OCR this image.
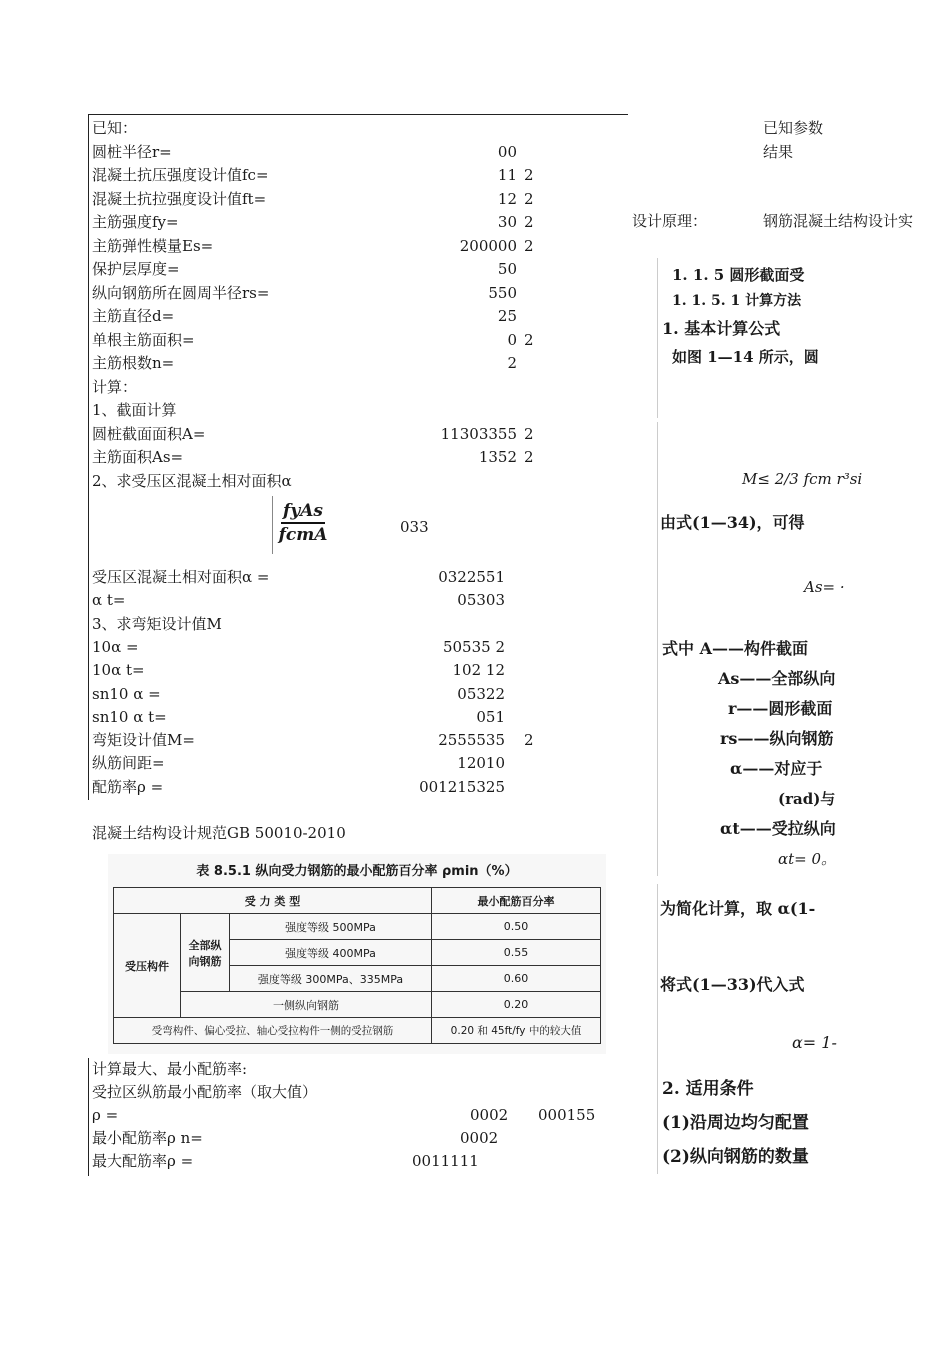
已知：
圆桩半径r=	00
混凝土抗压强度设计值fc=	11 2
混凝土抗拉强度设计值ft=	12 2
主筋强度fy=	30 2
主筋弹性模量Es=	200000 2
保护层厚度=	50
纵向钢筋所在圆周半径rs=	550
主筋直径d=	25
单根主筋面积=	0 2
主筋根数n=	2
计算：
1、截面计算
圆桩截面面积A=	11303355 2
主筋面积As=	1352 2
2、求受压区混凝土相对面积α
fyAs
fcmA	033
受压区混凝土相对面积α =	0322551
α t=	05303
3、求弯矩设计值M
10α =	50535 2
10α t=	102 12
sn10 α =	05322
sn10 α t=	051
弯矩设计值M=	2555535 2
纵筋间距=	12010
配筋率ρ =	001215325
混凝土结构设计规范GB 50010-2010
表 8.5.1 纵向受力钢筋的最小配筋百分率 ρmin（%）
受 力 类 型			最小配筋百分率
受压构件	全部纵向钢筋	强度等级 500MPa	0.50
		强度等级 400MPa	0.55
		强度等级 300MPa、335MPa	0.60
	一侧纵向钢筋		0.20
受弯构件、偏心受拉、轴心受拉构件一侧的受拉钢筋			0.20 和 45ft/fy 中的较大值
计算最大、最小配筋率:
受拉区纵筋最小配筋率（取大值）
ρ =	0002 000155
最小配筋率ρ n=	0002
最大配筋率ρ =	0011111
已知参数
结果
设计原理：	钢筋混凝土结构设计实
1. 1. 5 圆形截面受
1. 1. 5. 1 计算方法
1. 基本计算公式
如图 1—14 所示，圆
M≤ 2/3 fcm r³si
由式(1—34)，可得
As= ·
式中 A——构件截面
As——全部纵向
r——圆形截面
rs——纵向钢筋
α——对应于
(rad)与
αt——受拉纵向
αt= 0。
为简化计算，取 α(1-
将式(1—33)代入式
α= 1-
2. 适用条件
(1)沿周边均匀配置
(2)纵向钢筋的数量
